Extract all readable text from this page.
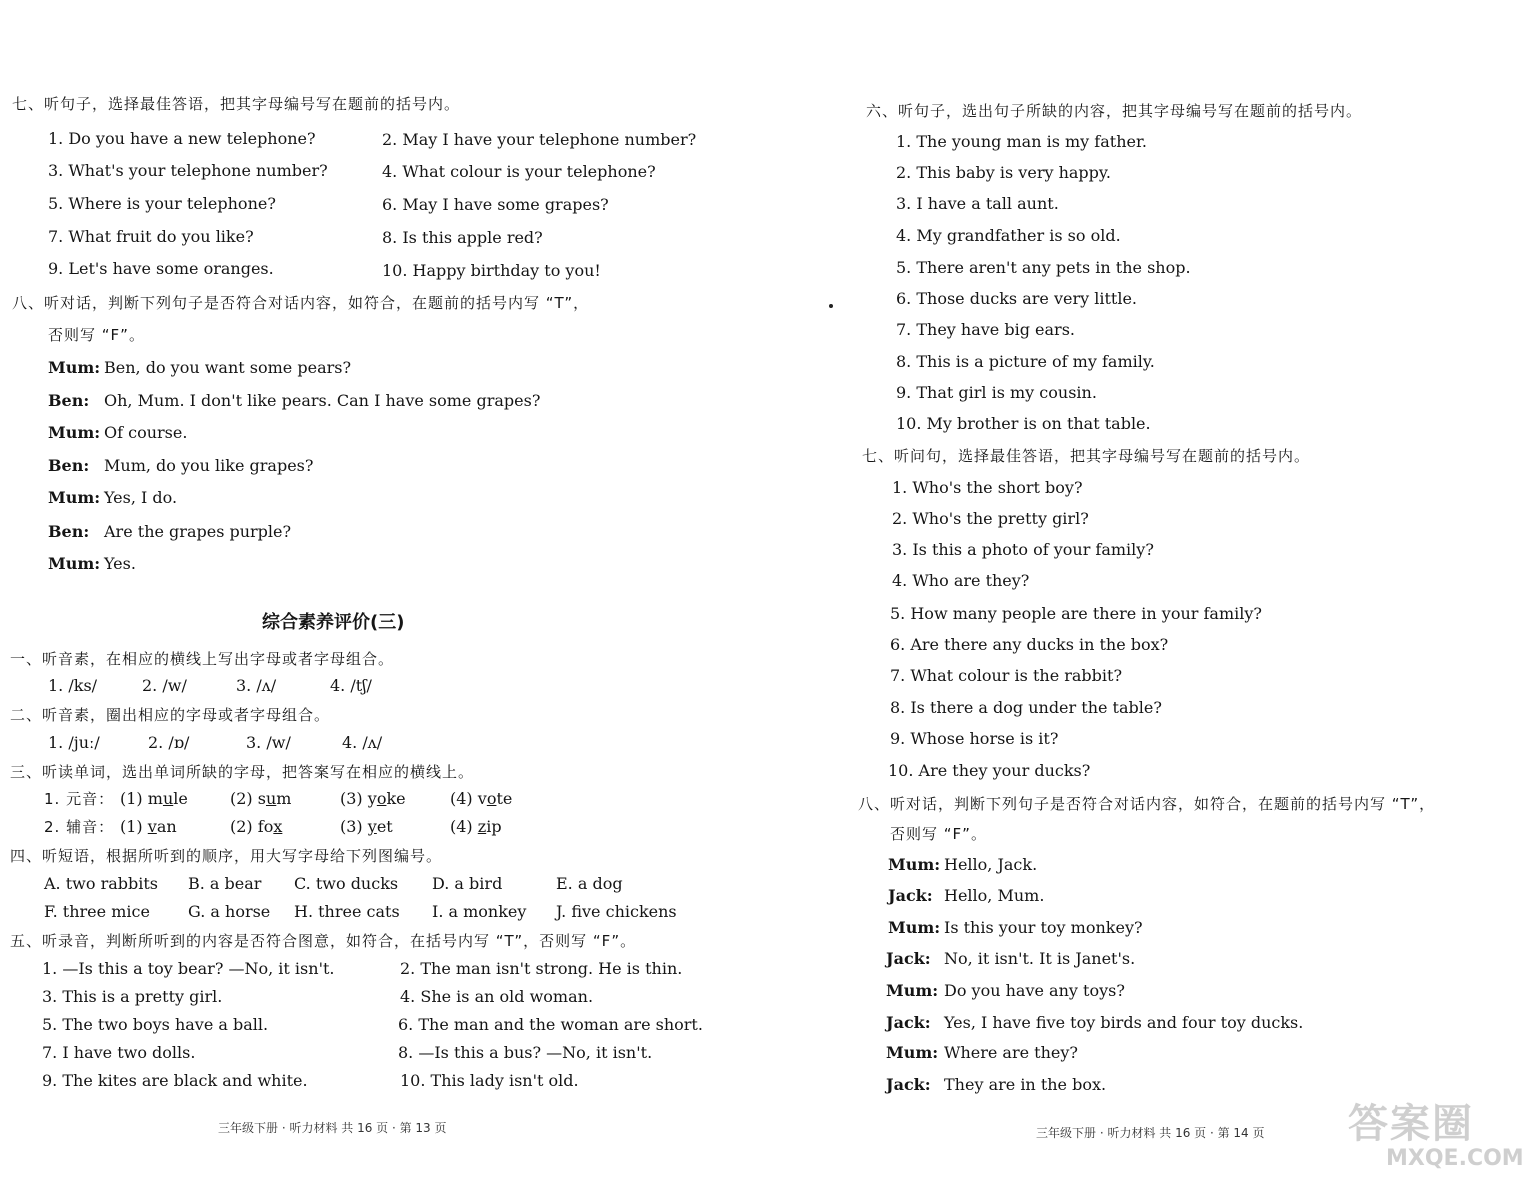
七、听句子，选择最佳答语，把其字母编号写在题前的括号内。
1. Do you have a new telephone?	2. May I have your telephone number?
3. What's your telephone number?	4. What colour is your telephone?
5. Where is your telephone?	6. May I have some grapes?
7. What fruit do you like?	8. Is this apple red?
9. Let's have some oranges.	10. Happy birthday to you!
八、听对话，判断下列句子是否符合对话内容，如符合，在题前的括号内写 “T”，
否则写 “F”。
Mum: Ben, do you want some pears?
Ben: Oh, Mum. I don't like pears. Can I have some grapes?
Mum: Of course.
Ben: Mum, do you like grapes?
Mum: Yes, I do.
Ben: Are the grapes purple?
Mum: Yes.
综合素养评价(三)
一、听音素，在相应的横线上写出字母或者字母组合。
1. /ks/	2. /w/	3. /ʌ/	4. /tʃ/
二、听音素，圈出相应的字母或者字母组合。
1. /juː/	2. /ɒ/	3. /w/	4. /ʌ/
三、听读单词，选出单词所缺的字母，把答案写在相应的横线上。
1. 元音： (1) mule	(2) sum	(3) yoke	(4) vote
2. 辅音： (1) van	(2) fox	(3) yet	(4) zip
四、听短语，根据所听到的顺序，用大写字母给下列图编号。
A. two rabbits B. a bear C. two ducks D. a bird	E. a dog
F. three mice G. a horse H. three cats I. a monkey J. five chickens
五、听录音，判断所听到的内容是否符合图意，如符合，在括号内写 “T”，否则写 “F”。
1. —Is this a toy bear? —No, it isn't.	2. The man isn't strong. He is thin.
3. This is a pretty girl.	4. She is an old woman.
5. The two boys have a ball.	6. The man and the woman are short.
7. I have two dolls.	8. —Is this a bus? —No, it isn't.
9. The kites are black and white.	10. This lady isn't old.
三年级下册 · 听力材料 共 16 页 · 第 13 页
六、听句子，选出句子所缺的内容，把其字母编号写在题前的括号内。
1. The young man is my father.
2. This baby is very happy.
3. I have a tall aunt.
4. My grandfather is so old.
5. There aren't any pets in the shop.
6. Those ducks are very little.
7. They have big ears.
8. This is a picture of my family.
9. That girl is my cousin.
10. My brother is on that table.
七、听问句，选择最佳答语，把其字母编号写在题前的括号内。
1. Who's the short boy?
2. Who's the pretty girl?
3. Is this a photo of your family?
4. Who are they?
5. How many people are there in your family?
6. Are there any ducks in the box?
7. What colour is the rabbit?
8. Is there a dog under the table?
9. Whose horse is it?
10. Are they your ducks?
八、听对话，判断下列句子是否符合对话内容，如符合，在题前的括号内写 “T”，
否则写 “F”。
Mum: Hello, Jack.
Jack: Hello, Mum.
Mum: Is this your toy monkey?
Jack: No, it isn't. It is Janet's.
Mum: Do you have any toys?
Jack: Yes, I have five toy birds and four toy ducks.
Mum: Where are they?
Jack: They are in the box.
三年级下册 · 听力材料 共 16 页 · 第 14 页 答案圈
MXQE.COM
